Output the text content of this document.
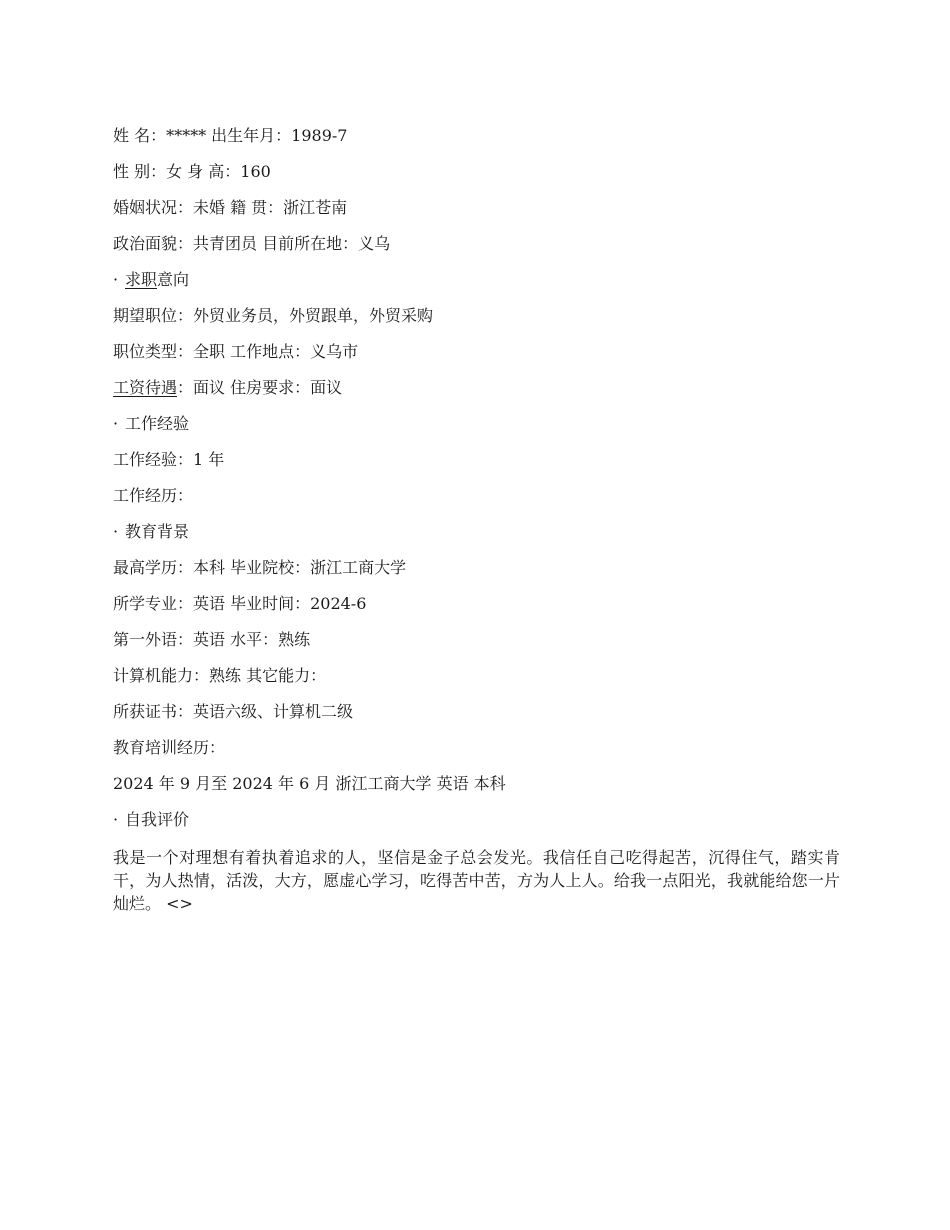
姓 名：***** 出生年月：1989-7
性 别：女 身 高：160
婚姻状况：未婚 籍 贯：浙江苍南
政治面貌：共青团员 目前所在地：义乌
· 求职意向
期望职位：外贸业务员，外贸跟单，外贸采购
职位类型：全职 工作地点：义乌市
工资待遇：面议 住房要求：面议
· 工作经验
工作经验：1 年
工作经历：
· 教育背景
最高学历：本科 毕业院校：浙江工商大学
所学专业：英语 毕业时间：2024-6
第一外语：英语 水平：熟练
计算机能力：熟练 其它能力：
所获证书：英语六级、计算机二级
教育培训经历：
2024 年 9 月至 2024 年 6 月 浙江工商大学 英语 本科
· 自我评价
我是一个对理想有着执着追求的人，坚信是金子总会发光。我信任自己吃得起苦，沉得住气，踏实肯干，为人热情，活泼，大方，愿虚心学习，吃得苦中苦，方为人上人。给我一点阳光，我就能给您一片灿烂。 <>
